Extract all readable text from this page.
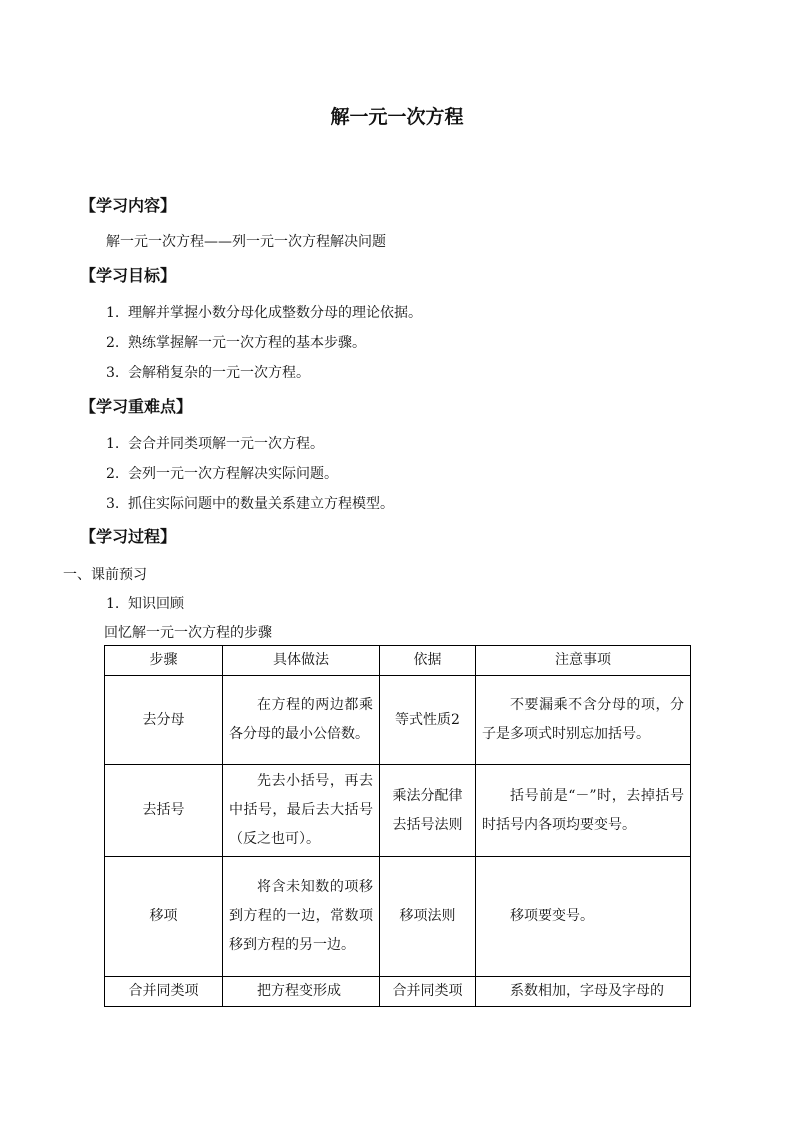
解一元一次方程
【学习内容】
解一元一次方程——列一元一次方程解决问题
【学习目标】
1. 理解并掌握小数分母化成整数分母的理论依据。
2. 熟练掌握解一元一次方程的基本步骤。
3. 会解稍复杂的一元一次方程。
【学习重难点】
1. 会合并同类项解一元一次方程。
2. 会列一元一次方程解决实际问题。
3. 抓住实际问题中的数量关系建立方程模型。
【学习过程】
一、课前预习
1. 知识回顾
回忆解一元一次方程的步骤
步骤	具体做法	依据	注意事项
去分母	在方程的两边都乘各分母的最小公倍数。	等式性质2	不要漏乘不含分母的项，分子是多项式时别忘加括号。
去括号	先去小括号，再去中括号，最后去大括号（反之也可）。	乘法分配律去括号法则	括号前是“－”时，去掉括号时括号内各项均要变号。
移项	将含未知数的项移到方程的一边，常数项移到方程的另一边。	移项法则	移项要变号。
合并同类项	把方程变形成	合并同类项	系数相加，字母及字母的
